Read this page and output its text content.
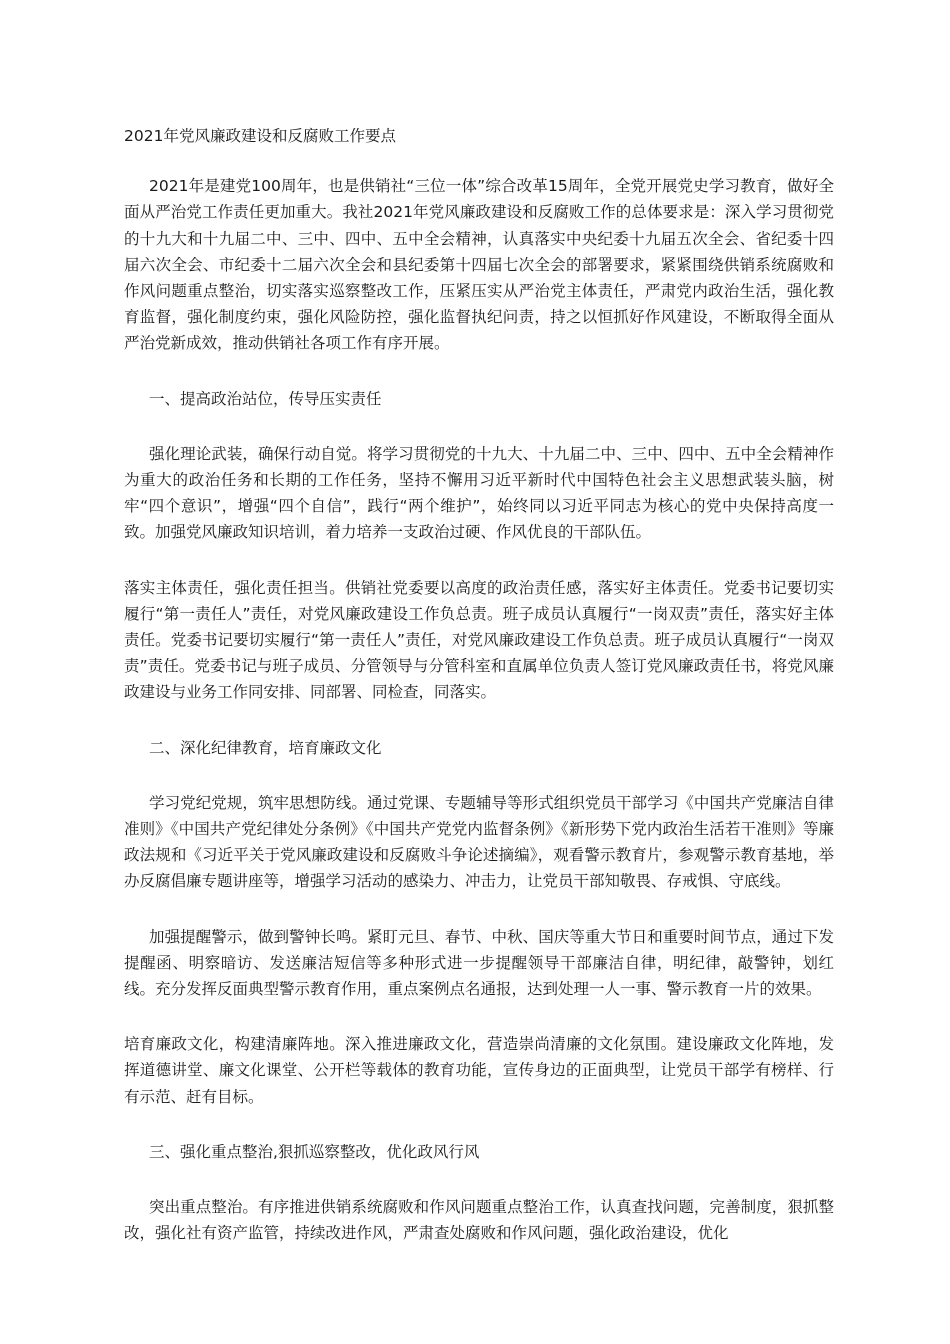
2021年党风廉政建设和反腐败工作要点
2021年是建党100周年，也是供销社“三位一体”综合改革15周年，全党开展党史学习教育，做好全面从严治党工作责任更加重大。我社2021年党风廉政建设和反腐败工作的总体要求是：深入学习贯彻党的十九大和十九届二中、三中、四中、五中全会精神，认真落实中央纪委十九届五次全会、省纪委十四届六次全会、市纪委十二届六次全会和县纪委第十四届七次全会的部署要求，紧紧围绕供销系统腐败和作风问题重点整治，切实落实巡察整改工作，压紧压实从严治党主体责任，严肃党内政治生活，强化教育监督，强化制度约束，强化风险防控，强化监督执纪问责，持之以恒抓好作风建设，不断取得全面从严治党新成效，推动供销社各项工作有序开展。
一、提高政治站位，传导压实责任
强化理论武装，确保行动自觉。将学习贯彻党的十九大、十九届二中、三中、四中、五中全会精神作为重大的政治任务和长期的工作任务，坚持不懈用习近平新时代中国特色社会主义思想武装头脑，树牢“四个意识”，增强“四个自信”，践行“两个维护”，始终同以习近平同志为核心的党中央保持高度一致。加强党风廉政知识培训，着力培养一支政治过硬、作风优良的干部队伍。
落实主体责任，强化责任担当。供销社党委要以高度的政治责任感，落实好主体责任。党委书记要切实履行“第一责任人”责任，对党风廉政建设工作负总责。班子成员认真履行“一岗双责”责任，落实好主体责任。党委书记要切实履行“第一责任人”责任，对党风廉政建设工作负总责。班子成员认真履行“一岗双责”责任。党委书记与班子成员、分管领导与分管科室和直属单位负责人签订党风廉政责任书，将党风廉政建设与业务工作同安排、同部署、同检查，同落实。
二、深化纪律教育，培育廉政文化
学习党纪党规，筑牢思想防线。通过党课、专题辅导等形式组织党员干部学习《中国共产党廉洁自律准则》《中国共产党纪律处分条例》《中国共产党党内监督条例》《新形势下党内政治生活若干准则》等廉政法规和《习近平关于党风廉政建设和反腐败斗争论述摘编》，观看警示教育片，参观警示教育基地，举办反腐倡廉专题讲座等，增强学习活动的感染力、冲击力，让党员干部知敬畏、存戒惧、守底线。
加强提醒警示，做到警钟长鸣。紧盯元旦、春节、中秋、国庆等重大节日和重要时间节点，通过下发提醒函、明察暗访、发送廉洁短信等多种形式进一步提醒领导干部廉洁自律，明纪律，敲警钟，划红线。充分发挥反面典型警示教育作用，重点案例点名通报，达到处理一人一事、警示教育一片的效果。
培育廉政文化，构建清廉阵地。深入推进廉政文化，营造崇尚清廉的文化氛围。建设廉政文化阵地，发挥道德讲堂、廉文化课堂、公开栏等载体的教育功能，宣传身边的正面典型，让党员干部学有榜样、行有示范、赶有目标。
三、强化重点整治,狠抓巡察整改，优化政风行风
突出重点整治。有序推进供销系统腐败和作风问题重点整治工作，认真查找问题，完善制度，狠抓整改，强化社有资产监管，持续改进作风，严肃查处腐败和作风问题，强化政治建设，优化
